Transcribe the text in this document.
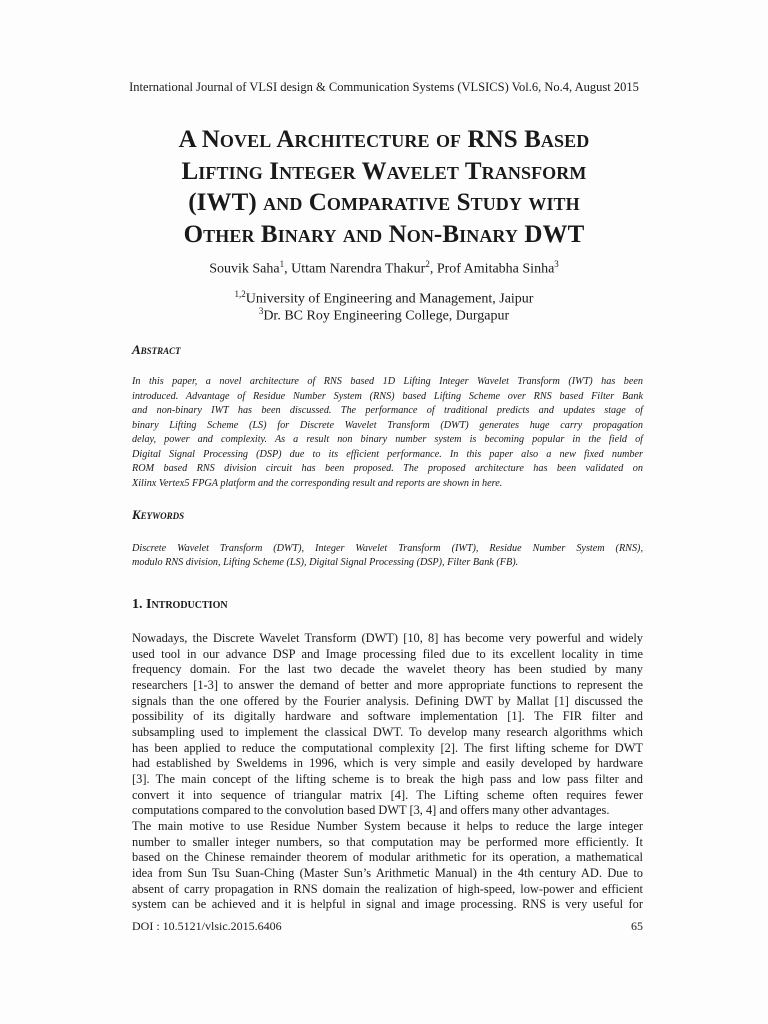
International Journal of VLSI design & Communication Systems (VLSICS) Vol.6, No.4, August 2015
A Novel Architecture of RNS Based
Lifting Integer Wavelet Transform
(IWT) and Comparative Study with
Other Binary and Non-Binary DWT
Souvik Saha$^1$, Uttam Narendra Thakur$^2$, Prof Amitabha Sinha$^3$
$^{1,2}$University of Engineering and Management, Jaipur
$^3$Dr. BC Roy Engineering College, Durgapur
Abstract
In this paper, a novel architecture of RNS based 1D Lifting Integer Wavelet Transform (IWT) has been
introduced. Advantage of Residue Number System (RNS) based Lifting Scheme over RNS based Filter Bank
and non-binary IWT has been discussed. The performance of traditional predicts and updates stage of
binary Lifting Scheme (LS) for Discrete Wavelet Transform (DWT) generates huge carry propagation
delay, power and complexity. As a result non binary number system is becoming popular in the field of
Digital Signal Processing (DSP) due to its efficient performance. In this paper also a new fixed number
ROM based RNS division circuit has been proposed. The proposed architecture has been validated on
Xilinx Vertex5 FPGA platform and the corresponding result and reports are shown in here.
Keywords
Discrete Wavelet Transform (DWT), Integer Wavelet Transform (IWT), Residue Number System (RNS),
modulo RNS division, Lifting Scheme (LS), Digital Signal Processing (DSP), Filter Bank (FB).
1. Introduction
Nowadays, the Discrete Wavelet Transform (DWT) [10, 8] has become very powerful and widely
used tool in our advance DSP and Image processing filed due to its excellent locality in time
frequency domain. For the last two decade the wavelet theory has been studied by many
researchers [1-3] to answer the demand of better and more appropriate functions to represent the
signals than the one offered by the Fourier analysis. Defining DWT by Mallat [1] discussed the
possibility of its digitally hardware and software implementation [1]. The FIR filter and
subsampling used to implement the classical DWT. To develop many research algorithms which
has been applied to reduce the computational complexity [2]. The first lifting scheme for DWT
had established by Sweldems in 1996, which is very simple and easily developed by hardware
[3]. The main concept of the lifting scheme is to break the high pass and low pass filter and
convert it into sequence of triangular matrix [4]. The Lifting scheme often requires fewer
computations compared to the convolution based DWT [3, 4] and offers many other advantages.
The main motive to use Residue Number System because it helps to reduce the large integer
number to smaller integer numbers, so that computation may be performed more efficiently. It
based on the Chinese remainder theorem of modular arithmetic for its operation, a mathematical
idea from Sun Tsu Suan-Ching (Master Sun’s Arithmetic Manual) in the 4th century AD. Due to
absent of carry propagation in RNS domain the realization of high-speed, low-power and efficient
system can be achieved and it is helpful in signal and image processing. RNS is very useful for
DOI : 10.5121/vlsic.2015.6406	65
